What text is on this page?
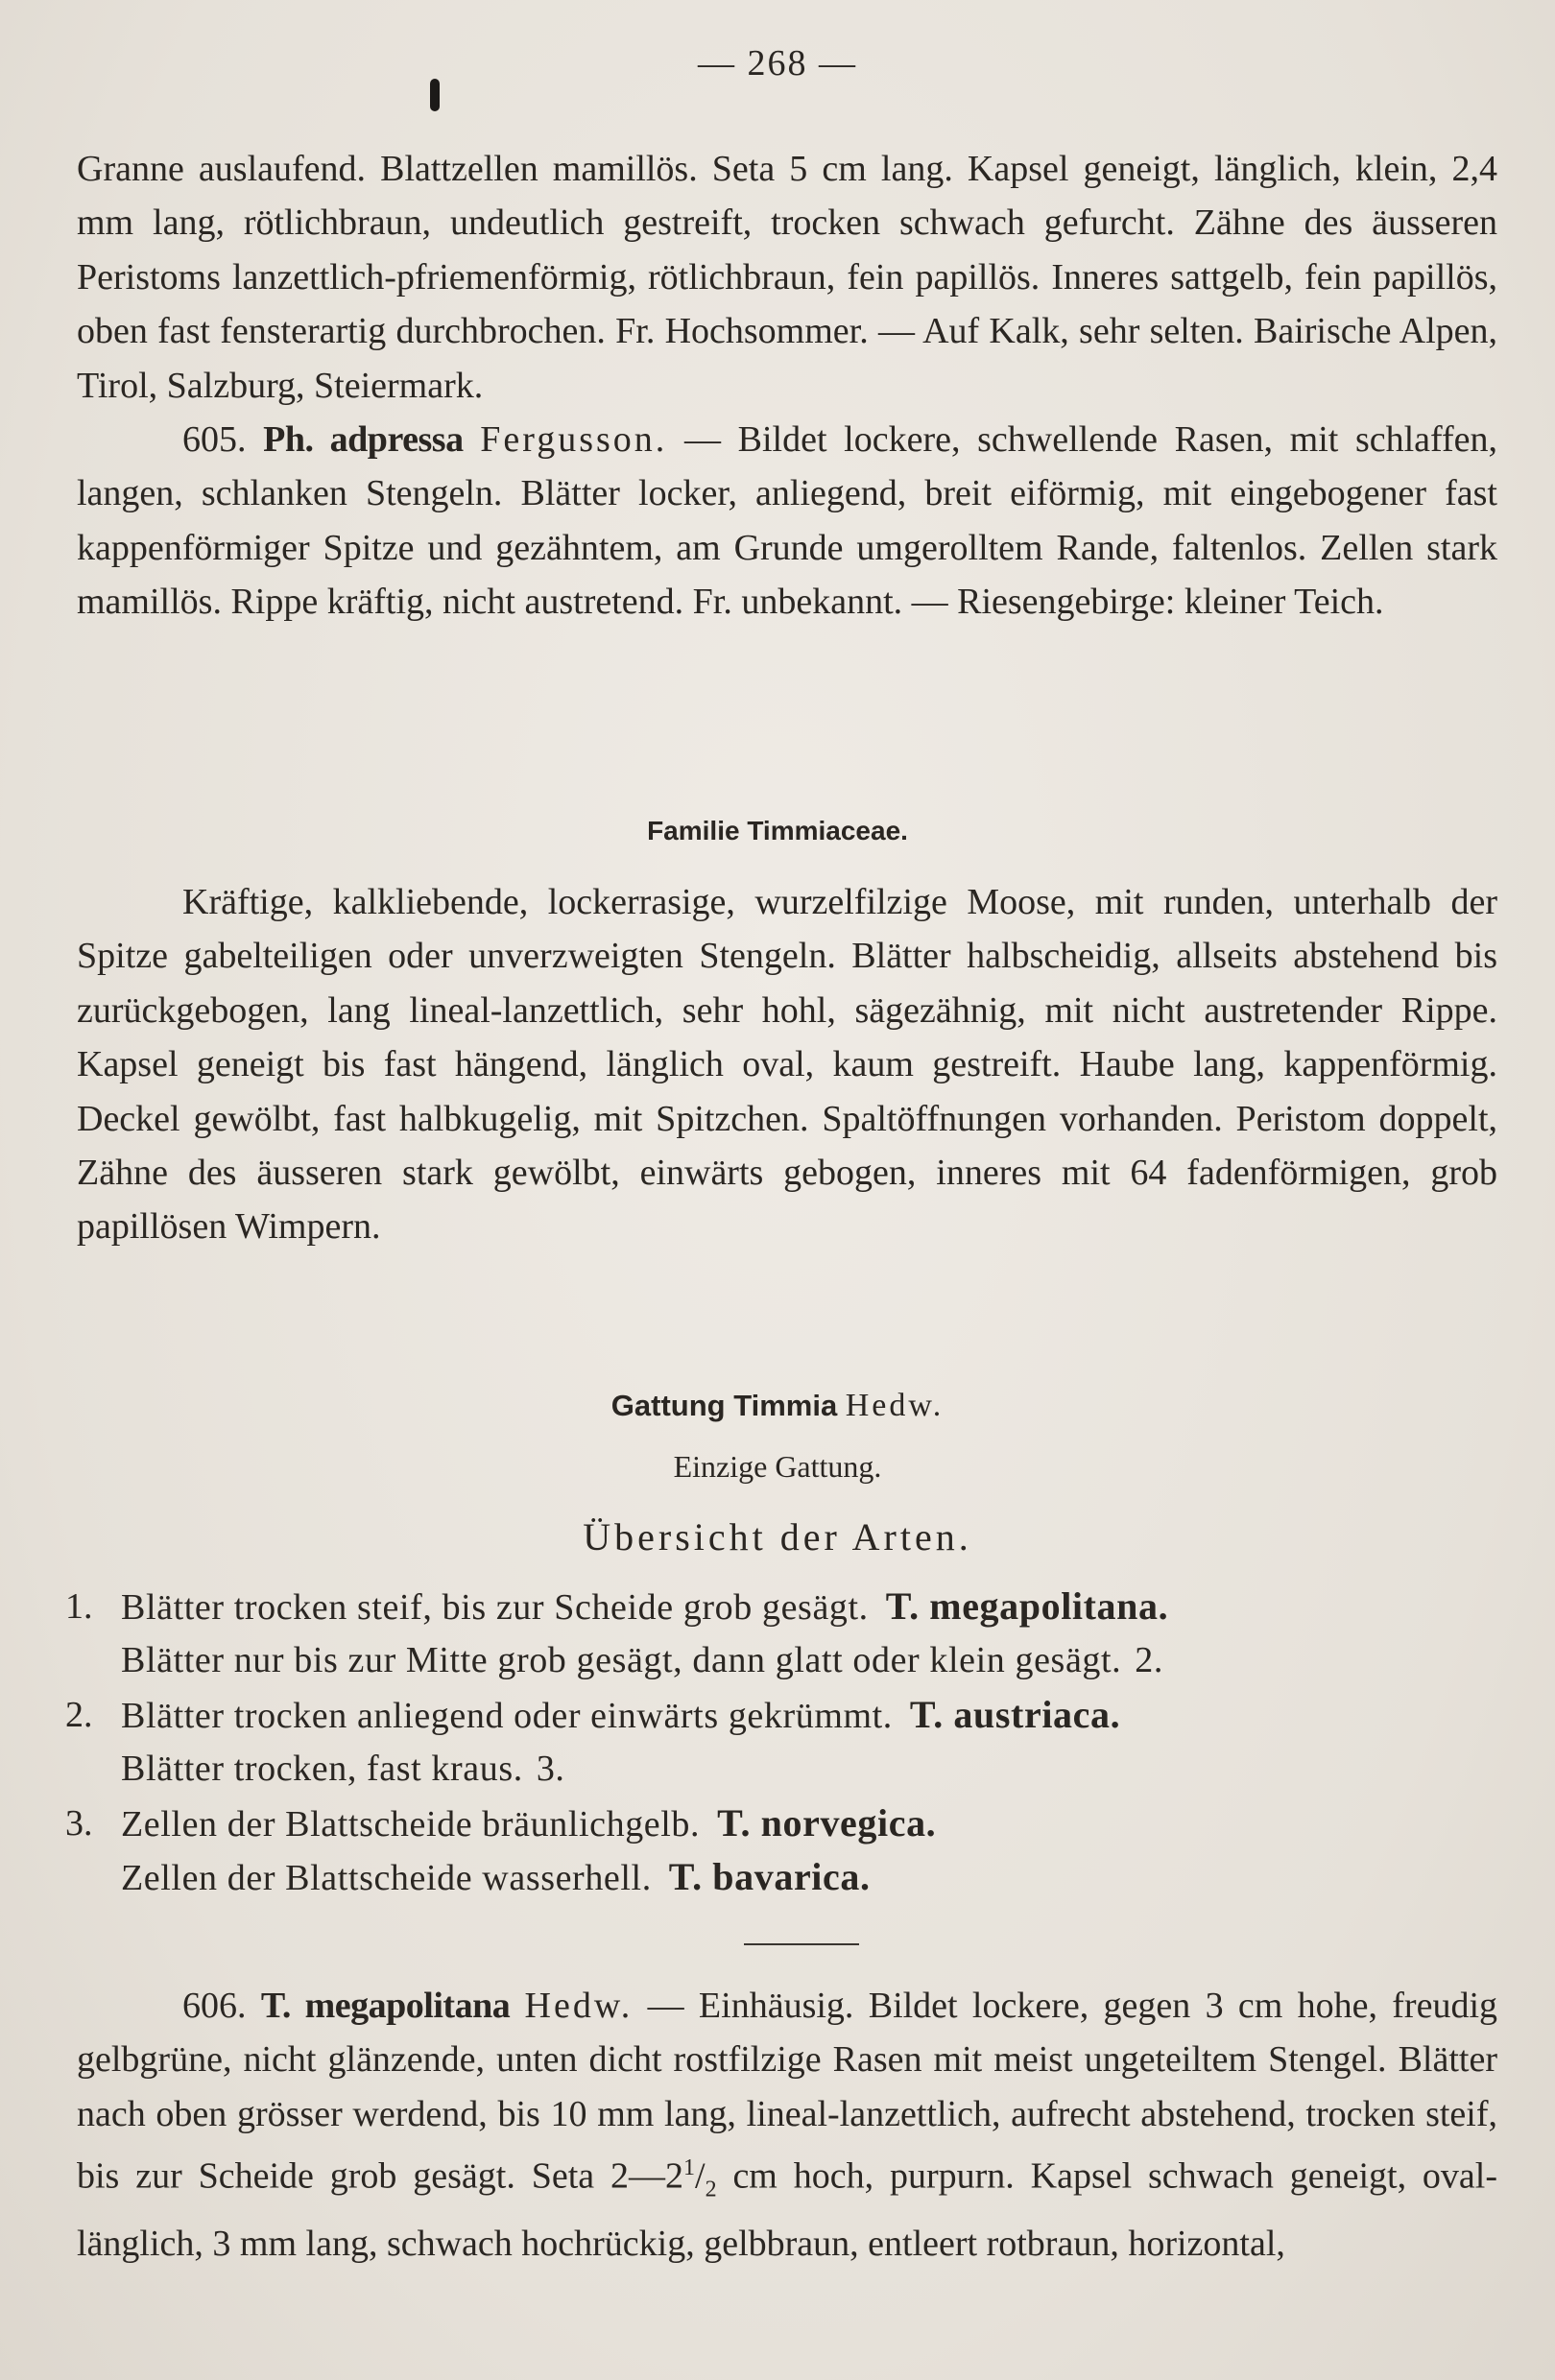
— 268 —

Granne auslaufend. Blattzellen mamillös. Seta 5 cm lang. Kapsel geneigt, länglich, klein, 2,4 mm lang, rötlichbraun, undeutlich gestreift, trocken schwach gefurcht. Zähne des äusseren Peristoms lanzettlich-pfriemenförmig, rötlichbraun, fein papillös. Inneres sattgelb, fein papillös, oben fast fensterartig durchbrochen. Fr. Hochsommer. — Auf Kalk, sehr selten. Bairische Alpen, Tirol, Salzburg, Steiermark.

605. Ph. adpressa Fergusson. — Bildet lockere, schwellende Rasen, mit schlaffen, langen, schlanken Stengeln. Blätter locker, anliegend, breit eiförmig, mit eingebogener fast kappenförmiger Spitze und gezähntem, am Grunde umgerolltem Rande, faltenlos. Zellen stark mamillös. Rippe kräftig, nicht austretend. Fr. unbekannt. — Riesengebirge: kleiner Teich.

Familie Timmiaceae.

Kräftige, kalkliebende, lockerrasige, wurzelfilzige Moose, mit runden, unterhalb der Spitze gabelteiligen oder unverzweigten Stengeln. Blätter halbscheidig, allseits abstehend bis zurückgebogen, lang lineal-lanzettlich, sehr hohl, sägezähnig, mit nicht austretender Rippe. Kapsel geneigt bis fast hängend, länglich oval, kaum gestreift. Haube lang, kappenförmig. Deckel gewölbt, fast halbkugelig, mit Spitzchen. Spaltöffnungen vorhanden. Peristom doppelt, Zähne des äusseren stark gewölbt, einwärts gebogen, inneres mit 64 fadenförmigen, grob papillösen Wimpern.

Gattung Timmia Hedw.
Einzige Gattung.
Übersicht der Arten.
1. Blätter trocken steif, bis zur Scheide grob gesägt. T. megapolitana.
Blätter nur bis zur Mitte grob gesägt, dann glatt oder klein gesägt. 2.
2. Blätter trocken anliegend oder einwärts gekrümmt. T. austriaca.
Blätter trocken, fast kraus. 3.
3. Zellen der Blattscheide bräunlichgelb. T. norvegica.
Zellen der Blattscheide wasserhell. T. bavarica.

606. T. megapolitana Hedw. — Einhäusig. Bildet lockere, gegen 3 cm hohe, freudig gelbgrüne, nicht glänzende, unten dicht rostfilzige Rasen mit meist ungeteiltem Stengel. Blätter nach oben grösser werdend, bis 10 mm lang, lineal-lanzettlich, aufrecht abstehend, trocken steif, bis zur Scheide grob gesägt. Seta $2—2^1/_2$ cm hoch, purpurn. Kapsel schwach geneigt, oval-länglich, 3 mm lang, schwach hochrückig, gelbbraun, entleert rotbraun, horizontal,
